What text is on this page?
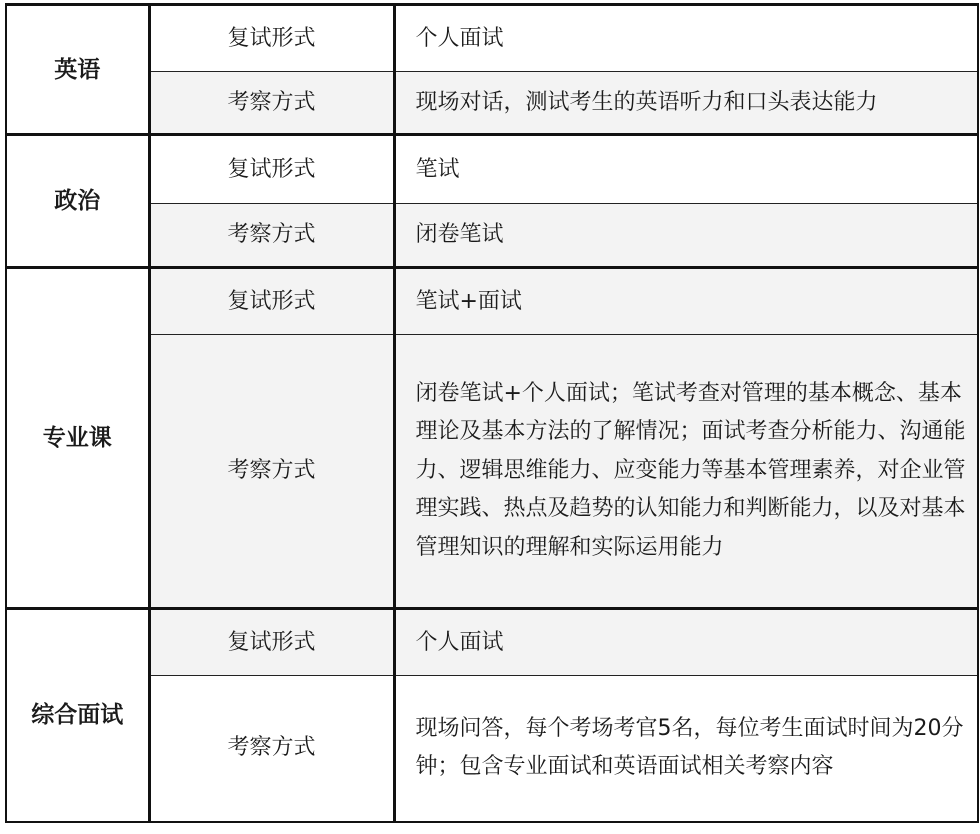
英语	复试形式	个人面试
	考察方式	现场对话，测试考生的英语听力和口头表达能力
政治	复试形式	笔试
	考察方式	闭卷笔试
专业课	复试形式	笔试+面试
	考察方式	闭卷笔试+个人面试；笔试考查对管理的基本概念、基本理论及基本方法的了解情况；面试考查分析能力、沟通能力、逻辑思维能力、应变能力等基本管理素养，对企业管理实践、热点及趋势的认知能力和判断能力，以及对基本管理知识的理解和实际运用能力
综合面试	复试形式	个人面试
	考察方式	现场问答，每个考场考官5名，每位考生面试时间为20分钟；包含专业面试和英语面试相关考察内容
